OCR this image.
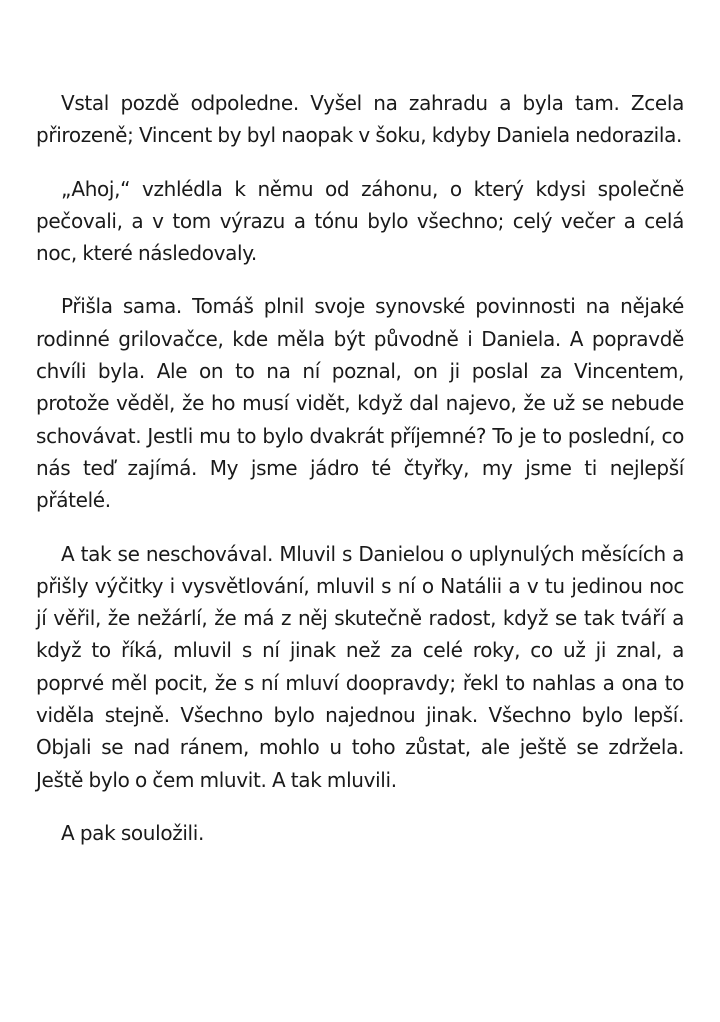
Vstal pozdě odpoledne. Vyšel na zahradu a byla tam. Zcela přirozeně; Vincent by byl naopak v šoku, kdyby Daniela nedorazila.

„Ahoj,“ vzhlédla k němu od záhonu, o který kdysi společně pečovali, a v tom výrazu a tónu bylo všechno; celý večer a celá noc, které následovaly.

Přišla sama. Tomáš plnil svoje synovské povinnosti na nějaké rodinné grilovačce, kde měla být původně i Daniela. A popravdě chvíli byla. Ale on to na ní poznal, on ji poslal za Vincentem, protože věděl, že ho musí vidět, když dal najevo, že už se nebude schovávat. Jestli mu to bylo dvakrát příjemné? To je to poslední, co nás teď zajímá. My jsme jádro té čtyřky, my jsme ti nejlepší přátelé.

A tak se neschovával. Mluvil s Danielou o uplynulých měsících a přišly výčitky i vysvětlování, mluvil s ní o Natálii a v tu jedinou noc jí věřil, že nežárlí, že má z něj skutečně radost, když se tak tváří a když to říká, mluvil s ní jinak než za celé roky, co už ji znal, a poprvé měl pocit, že s ní mluví doopravdy; řekl to nahlas a ona to viděla stejně. Všechno bylo najednou jinak. Všechno bylo lepší. Objali se nad ránem, mohlo u toho zůstat, ale ještě se zdržela. Ještě bylo o čem mluvit. A tak mluvili.

A pak souložili.
